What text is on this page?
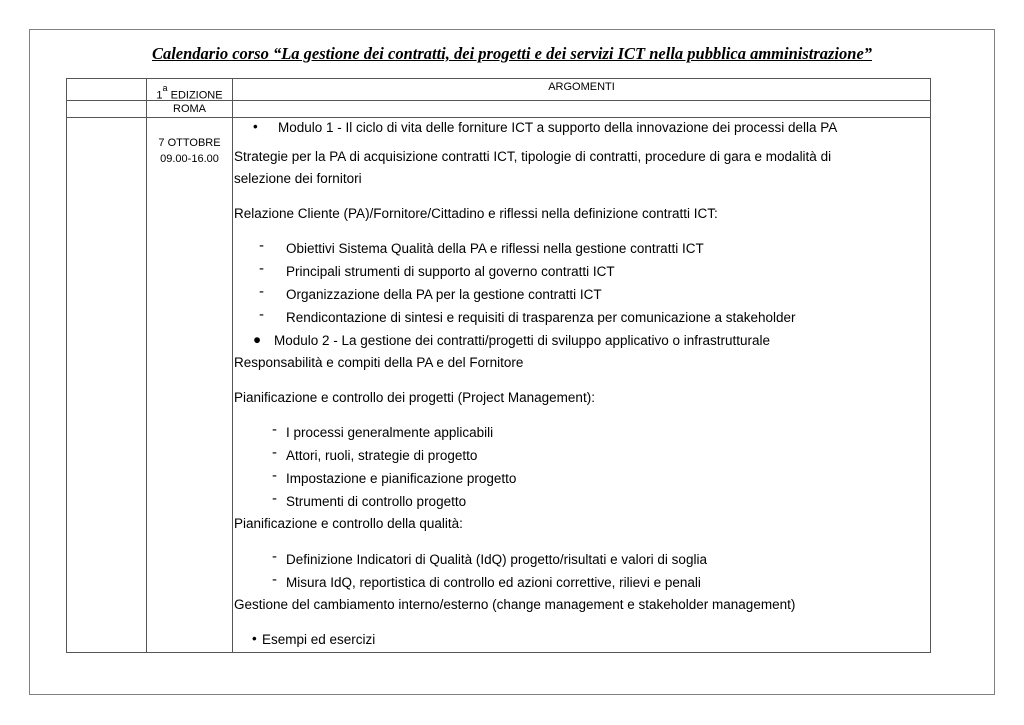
Calendario corso “La gestione dei contratti, dei progetti e dei servizi ICT nella pubblica amministrazione”
1$^a$ EDIZIONE
ARGOMENTI
ROMA
7 OTTOBRE
09.00-16.00
• Modulo 1 - Il ciclo di vita delle forniture ICT a supporto della innovazione dei processi della PA
Strategie per la PA di acquisizione contratti ICT, tipologie di contratti, procedure di gara e modalità di
selezione dei fornitori
Relazione Cliente (PA)/Fornitore/Cittadino e riflessi nella definizione contratti ICT:
- Obiettivi Sistema Qualità della PA e riflessi nella gestione contratti ICT
- Principali strumenti di supporto al governo contratti ICT
- Organizzazione della PA per la gestione contratti ICT
- Rendicontazione di sintesi e requisiti di trasparenza per comunicazione a stakeholder
● Modulo 2 - La gestione dei contratti/progetti di sviluppo applicativo o infrastrutturale
Responsabilità e compiti della PA e del Fornitore
Pianificazione e controllo dei progetti (Project Management):
- I processi generalmente applicabili
- Attori, ruoli, strategie di progetto
- Impostazione e pianificazione progetto
- Strumenti di controllo progetto
Pianificazione e controllo della qualità:
- Definizione Indicatori di Qualità (IdQ) progetto/risultati e valori di soglia
- Misura IdQ, reportistica di controllo ed azioni correttive, rilievi e penali
Gestione del cambiamento interno/esterno (change management e stakeholder management)
• Esempi ed esercizi
